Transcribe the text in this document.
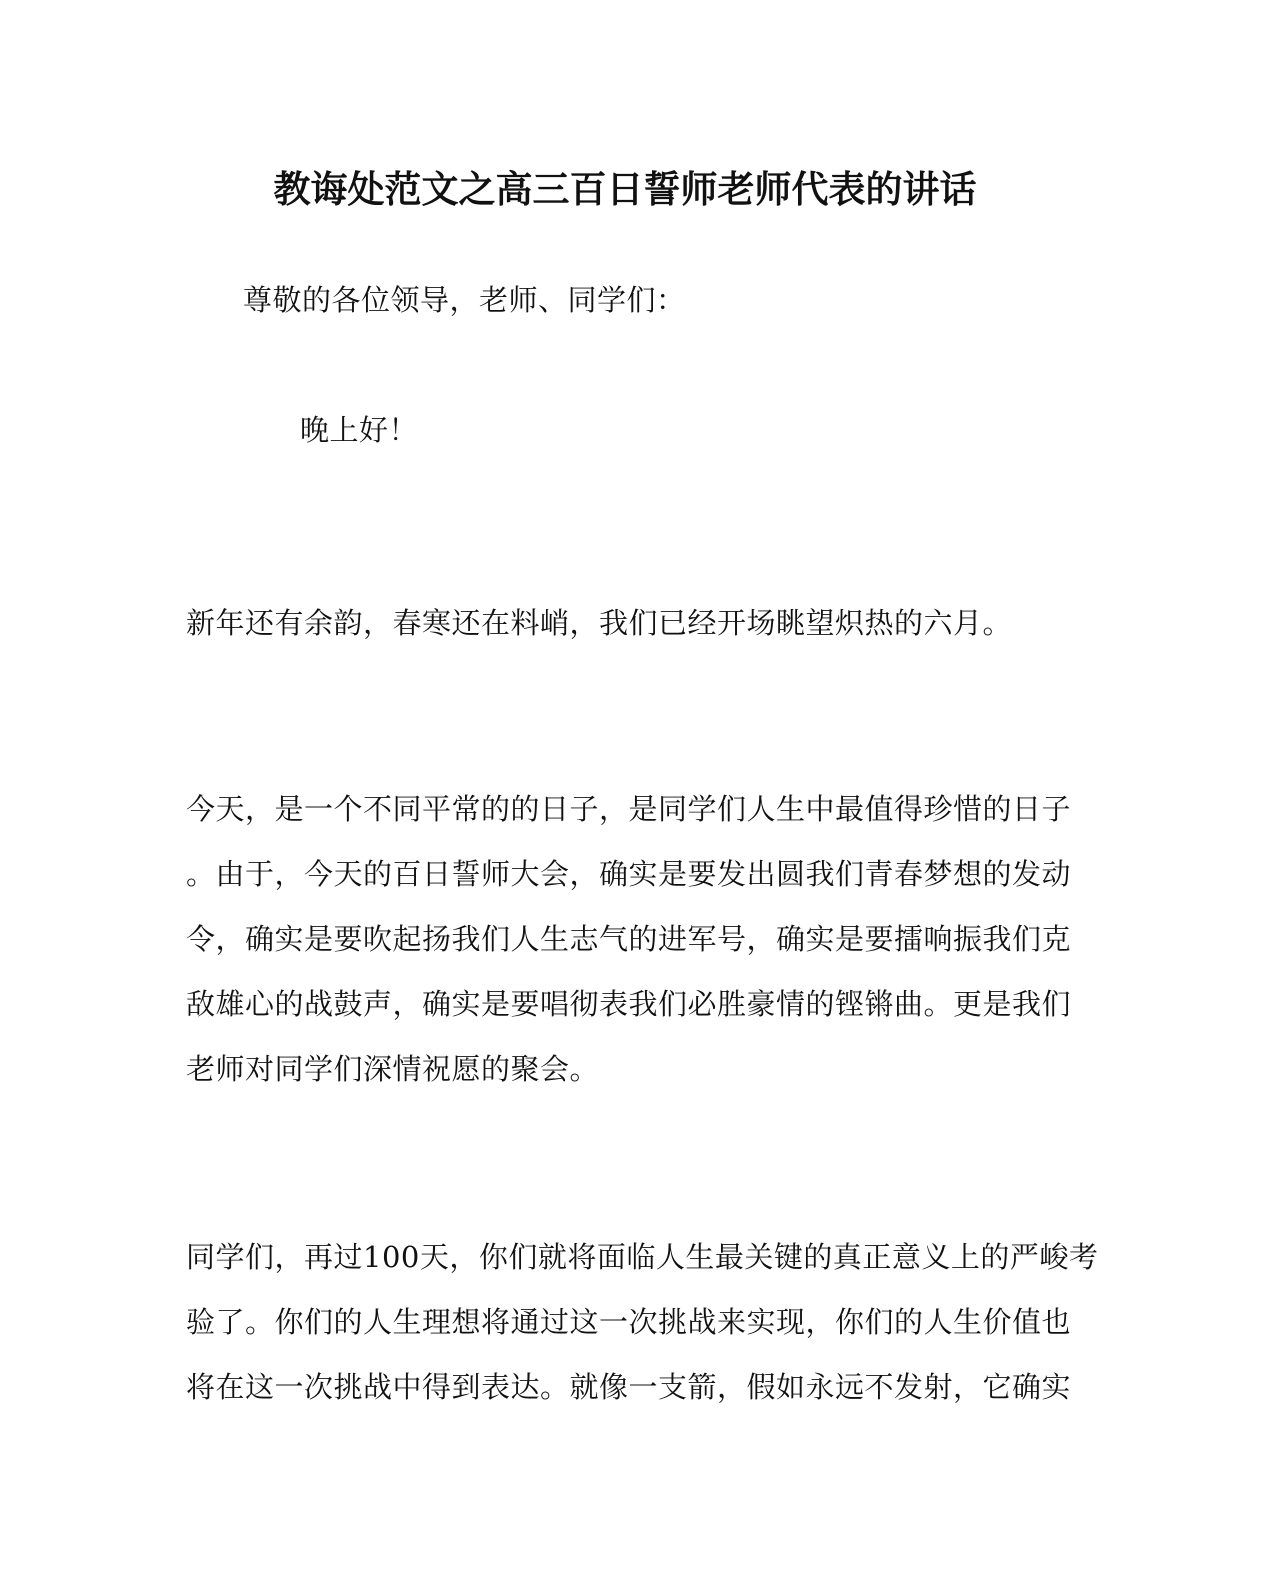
教诲处范文之高三百日誓师老师代表的讲话
尊敬的各位领导，老师、同学们：
晚上好！
新年还有余韵，春寒还在料峭，我们已经开场眺望炽热的六月。
今天，是一个不同平常的的日子，是同学们人生中最值得珍惜的日子
。由于，今天的百日誓师大会，确实是要发出圆我们青春梦想的发动
令，确实是要吹起扬我们人生志气的进军号，确实是要擂响振我们克
敌雄心的战鼓声，确实是要唱彻表我们必胜豪情的铿锵曲。更是我们
老师对同学们深情祝愿的聚会。
同学们，再过100天，你们就将面临人生最关键的真正意义上的严峻考
验了。你们的人生理想将通过这一次挑战来实现，你们的人生价值也
将在这一次挑战中得到表达。就像一支箭，假如永远不发射，它确实
